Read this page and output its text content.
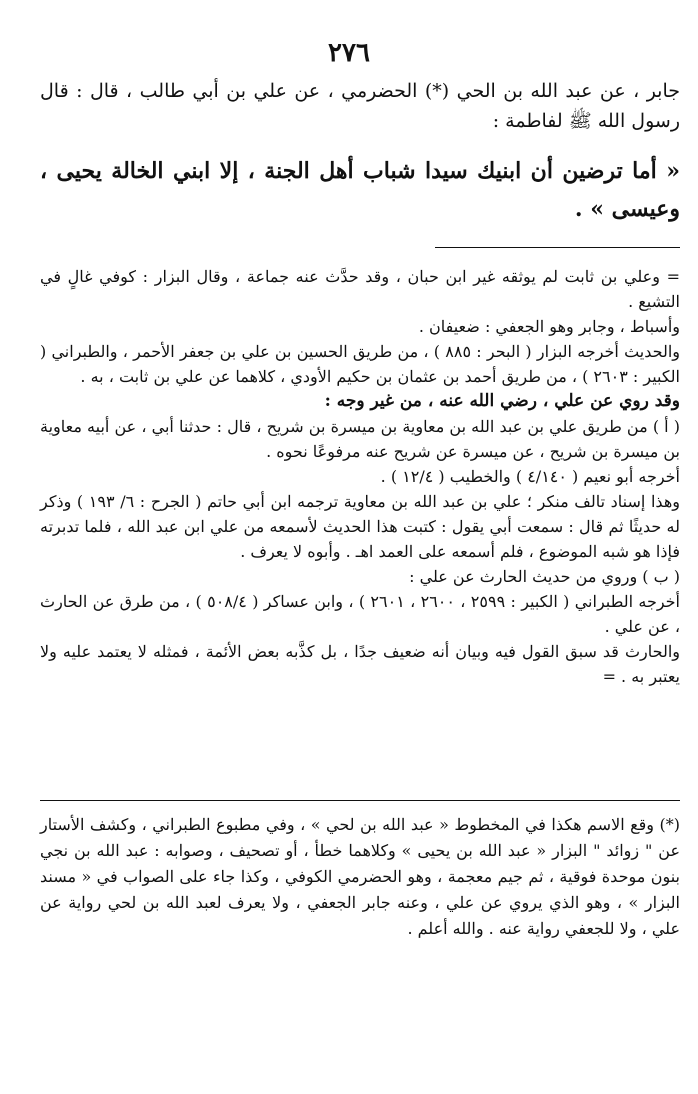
٢٧٦
جابر ، عن عبد الله بن الحي (*) الحضرمي ، عن علي بن أبي طالب ، قال : قال رسول الله ﷺ لفاطمة :
« أما ترضين أن ابنيك سيدا شباب أهل الجنة ، إلا ابني الخالة يحيى ، وعيسى » .

= وعلي بن ثابت لم يوثقه غير ابن حبان ، وقد حدَّث عنه جماعة ، وقال البزار : كوفي غالٍ في التشيع .

وأسباط ، وجابر وهو الجعفي : ضعيفان .

والحديث أخرجه البزار ( البحر : ٨٨٥ ) ، من طريق الحسين بن علي بن جعفر الأحمر ، والطبراني ( الكبير : ٢٦٠٣ ) ، من طريق أحمد بن عثمان بن حكيم الأودي ، كلاهما عن علي بن ثابت ، به .

وقد روي عن علي ، رضي الله عنه ، من غير وجه :

( أ ) من طريق علي بن عبد الله بن معاوية بن ميسرة بن شريح ، قال : حدثنا أبي ، عن أبيه معاوية بن ميسرة بن شريح ، عن ميسرة عن شريح عنه مرفوعًا نحوه .

أخرجه أبو نعيم ( ٤/١٤٠ ) والخطيب ( ١٢/٤ ) .

وهذا إسناد تالف منكر ؛ علي بن عبد الله بن معاوية ترجمه ابن أبي حاتم ( الجرح : ٦/ ١٩٣ ) وذكر له حديثًا ثم قال : سمعت أبي يقول : كتبت هذا الحديث لأسمعه من علي ابن عبد الله ، فلما تدبرته فإذا هو شبه الموضوع ، فلم أسمعه على العمد اهـ . وأبوه لا يعرف .

( ب ) وروي من حديث الحارث عن علي :

أخرجه الطبراني ( الكبير : ٢٥٩٩ ، ٢٦٠٠ ، ٢٦٠١ ) ، وابن عساكر ( ٥٠٨/٤ ) ، من طرق عن الحارث ، عن علي .

والحارث قد سبق القول فيه وبيان أنه ضعيف جدًا ، بل كذَّبه بعض الأئمة ، فمثله لا يعتمد عليه ولا يعتبر به . =

(*) وقع الاسم هكذا في المخطوط « عبد الله بن لحي » ، وفي مطبوع الطبراني ، وكشف الأستار عن " زوائد " البزار « عبد الله بن يحيى » وكلاهما خطأ ، أو تصحيف ، وصوابه : عبد الله بن نجي بنون موحدة فوقية ، ثم جيم معجمة ، وهو الحضرمي الكوفي ، وكذا جاء على الصواب في « مسند البزار » ، وهو الذي يروي عن علي ، وعنه جابر الجعفي ، ولا يعرف لعبد الله بن لحي رواية عن علي ، ولا للجعفي رواية عنه . والله أعلم .
